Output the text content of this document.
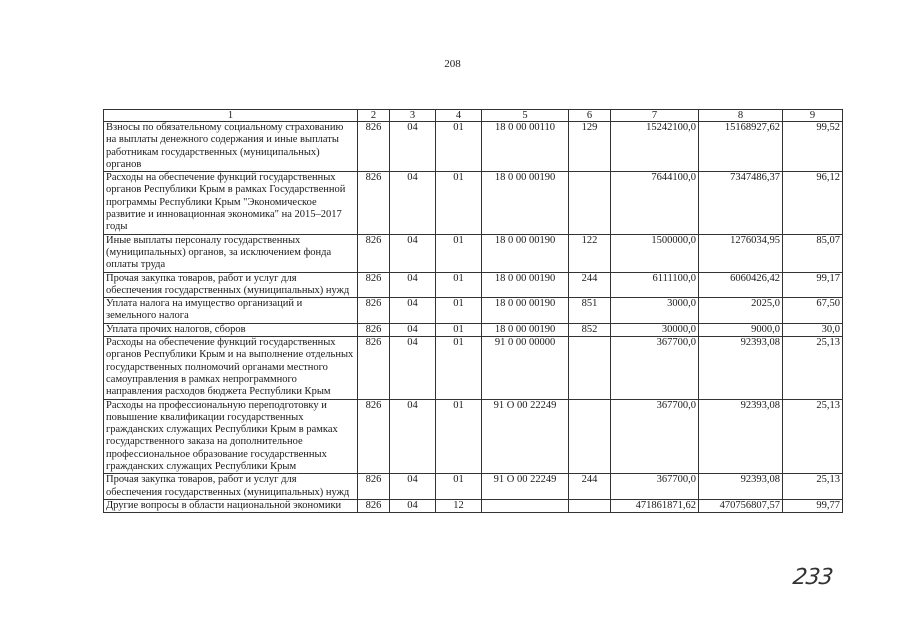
208
1	2	3	4	5	6	7	8	9
Взносы по обязательному социальному страхованию на выплаты денежного содержания и иные выплаты работникам государственных (муниципальных) органов	826	04	01	18 0 00 00110	129	15242100,0	15168927,62	99,52
Расходы на обеспечение функций государственных органов Республики Крым в рамках Государственной программы Республики Крым "Экономическое развитие и инновационная экономика" на 2015–2017 годы	826	04	01	18 0 00 00190		7644100,0	7347486,37	96,12
Иные выплаты персоналу государственных (муниципальных) органов, за исключением фонда оплаты труда	826	04	01	18 0 00 00190	122	1500000,0	1276034,95	85,07
Прочая закупка товаров, работ и услуг для обеспечения государственных (муниципальных) нужд	826	04	01	18 0 00 00190	244	6111100,0	6060426,42	99,17
Уплата налога на имущество организаций и земельного налога	826	04	01	18 0 00 00190	851	3000,0	2025,0	67,50
Уплата прочих налогов, сборов	826	04	01	18 0 00 00190	852	30000,0	9000,0	30,0
Расходы на обеспечение функций государственных органов Республики Крым и на выполнение отдельных государственных полномочий органами местного самоуправления в рамках непрограммного направления расходов бюджета Республики Крым	826	04	01	91 0 00 00000		367700,0	92393,08	25,13
Расходы на профессиональную переподготовку и повышение квалификации государственных гражданских служащих Республики Крым в рамках государственного заказа на дополнительное профессиональное образование государственных гражданских служащих Республики Крым	826	04	01	91 О 00 22249		367700,0	92393,08	25,13
Прочая закупка товаров, работ и услуг для обеспечения государственных (муниципальных) нужд	826	04	01	91 О 00 22249	244	367700,0	92393,08	25,13
Другие вопросы в области национальной экономики	826	04	12			471861871,62	470756807,57	99,77
233
